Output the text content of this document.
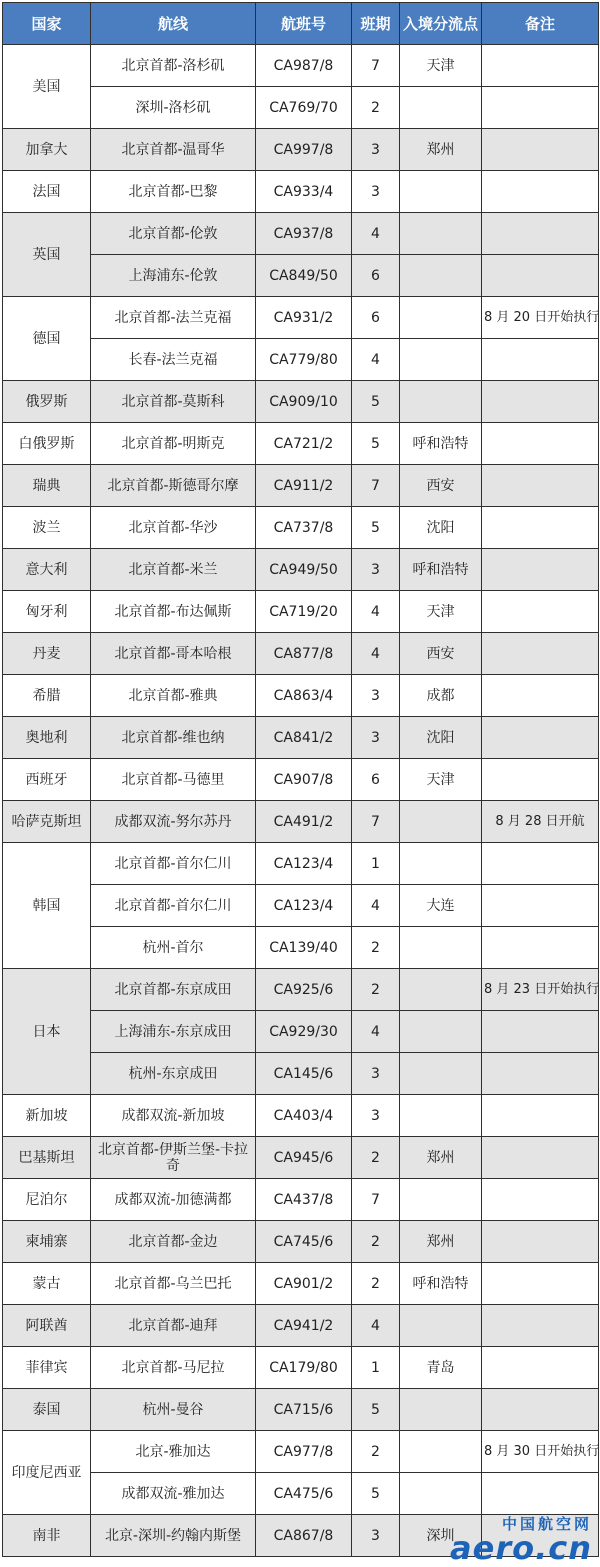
国家	航线	航班号	班期	入境分流点	备注
美国	北京首都-洛杉矶	CA987/8	7	天津	
	深圳-洛杉矶	CA769/70	2		
加拿大	北京首都-温哥华	CA997/8	3	郑州	
法国	北京首都-巴黎	CA933/4	3		
英国	北京首都-伦敦	CA937/8	4		
	上海浦东-伦敦	CA849/50	6		
德国	北京首都-法兰克福	CA931/2	6		8 月 20 日开始执行
	长春-法兰克福	CA779/80	4		
俄罗斯	北京首都-莫斯科	CA909/10	5		
白俄罗斯	北京首都-明斯克	CA721/2	5	呼和浩特	
瑞典	北京首都-斯德哥尔摩	CA911/2	7	西安	
波兰	北京首都-华沙	CA737/8	5	沈阳	
意大利	北京首都-米兰	CA949/50	3	呼和浩特	
匈牙利	北京首都-布达佩斯	CA719/20	4	天津	
丹麦	北京首都-哥本哈根	CA877/8	4	西安	
希腊	北京首都-雅典	CA863/4	3	成都	
奥地利	北京首都-维也纳	CA841/2	3	沈阳	
西班牙	北京首都-马德里	CA907/8	6	天津	
哈萨克斯坦	成都双流-努尔苏丹	CA491/2	7		8 月 28 日开航
韩国	北京首都-首尔仁川	CA123/4	1		
	北京首都-首尔仁川	CA123/4	4	大连	
	杭州-首尔	CA139/40	2		
日本	北京首都-东京成田	CA925/6	2		8 月 23 日开始执行
	上海浦东-东京成田	CA929/30	4		
	杭州-东京成田	CA145/6	3		
新加坡	成都双流-新加坡	CA403/4	3		
巴基斯坦	北京首都-伊斯兰堡-卡拉奇	CA945/6	2	郑州	
尼泊尔	成都双流-加德满都	CA437/8	7		
柬埔寨	北京首都-金边	CA745/6	2	郑州	
蒙古	北京首都-乌兰巴托	CA901/2	2	呼和浩特	
阿联酋	北京首都-迪拜	CA941/2	4		
菲律宾	北京首都-马尼拉	CA179/80	1	青岛	
泰国	杭州-曼谷	CA715/6	5		
印度尼西亚	北京-雅加达	CA977/8	2		8 月 30 日开始执行
	成都双流-雅加达	CA475/6	5		
南非	北京-深圳-约翰内斯堡	CA867/8	3	深圳	
中国航空网
aero.cn
